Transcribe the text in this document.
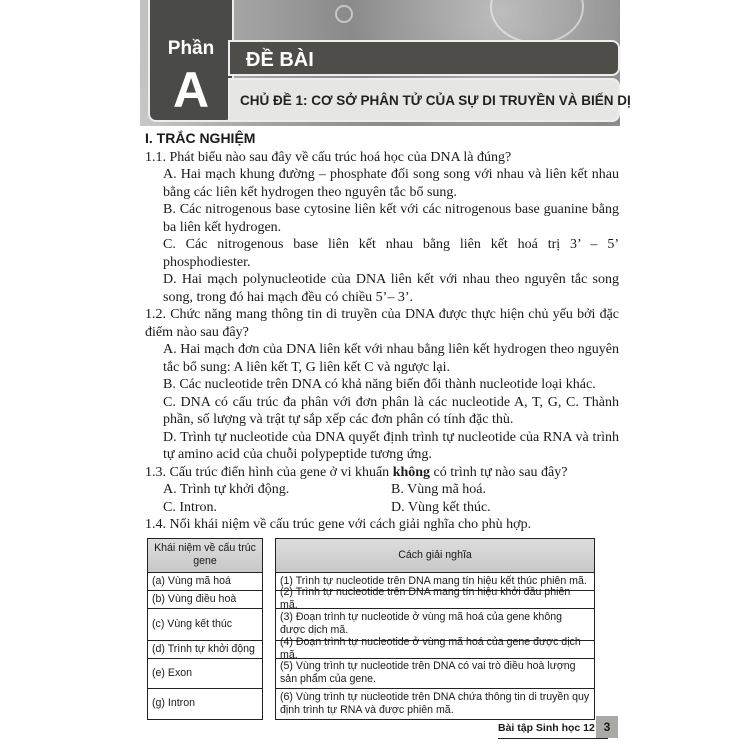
Phần
A
ĐỀ BÀI
CHỦ ĐỀ 1: CƠ SỞ PHÂN TỬ CỦA SỰ DI TRUYỀN VÀ BIẾN DỊ
I. TRẮC NGHIỆM
1.1. Phát biểu nào sau đây về cấu trúc hoá học của DNA là đúng?
A. Hai mạch khung đường – phosphate đối song song với nhau và liên kết nhau bằng các liên kết hydrogen theo nguyên tắc bổ sung.
B. Các nitrogenous base cytosine liên kết với các nitrogenous base guanine bằng ba liên kết hydrogen.
C. Các nitrogenous base liên kết nhau bằng liên kết hoá trị 3’ – 5’ phosphodiester.
D. Hai mạch polynucleotide của DNA liên kết với nhau theo nguyên tắc song song, trong đó hai mạch đều có chiều 5’– 3’.
1.2. Chức năng mang thông tin di truyền của DNA được thực hiện chủ yếu bởi đặc điểm nào sau đây?
A. Hai mạch đơn của DNA liên kết với nhau bằng liên kết hydrogen theo nguyên tắc bổ sung: A liên kết T, G liên kết C và ngược lại.
B. Các nucleotide trên DNA có khả năng biến đổi thành nucleotide loại khác.
C. DNA có cấu trúc đa phân với đơn phân là các nucleotide A, T, G, C. Thành phần, số lượng và trật tự sắp xếp các đơn phân có tính đặc thù.
D. Trình tự nucleotide của DNA quyết định trình tự nucleotide của RNA và trình tự amino acid của chuỗi polypeptide tương ứng.
1.3. Cấu trúc điển hình của gene ở vi khuẩn không có trình tự nào sau đây?
A. Trình tự khởi động.	B. Vùng mã hoá.
C. Intron.	D. Vùng kết thúc.
1.4. Nối khái niệm về cấu trúc gene với cách giải nghĩa cho phù hợp.
Khái niệm về cấu trúc gene
(a) Vùng mã hoá
(b) Vùng điều hoà
(c) Vùng kết thúc
(d) Trình tự khởi động
(e) Exon
(g) Intron
Cách giải nghĩa
(1) Trình tự nucleotide trên DNA mang tín hiệu kết thúc phiên mã.
(2) Trình tự nucleotide trên DNA mang tín hiệu khởi đầu phiên mã.
(3) Đoạn trình tự nucleotide ở vùng mã hoá của gene không được dịch mã.
(4) Đoạn trình tự nucleotide ở vùng mã hoá của gene được dịch mã.
(5) Vùng trình tự nucleotide trên DNA có vai trò điều hoà lượng sản phẩm của gene.
(6) Vùng trình tự nucleotide trên DNA chứa thông tin di truyền quy định trình tự RNA và được phiên mã.
Bài tập Sinh học 12 3
